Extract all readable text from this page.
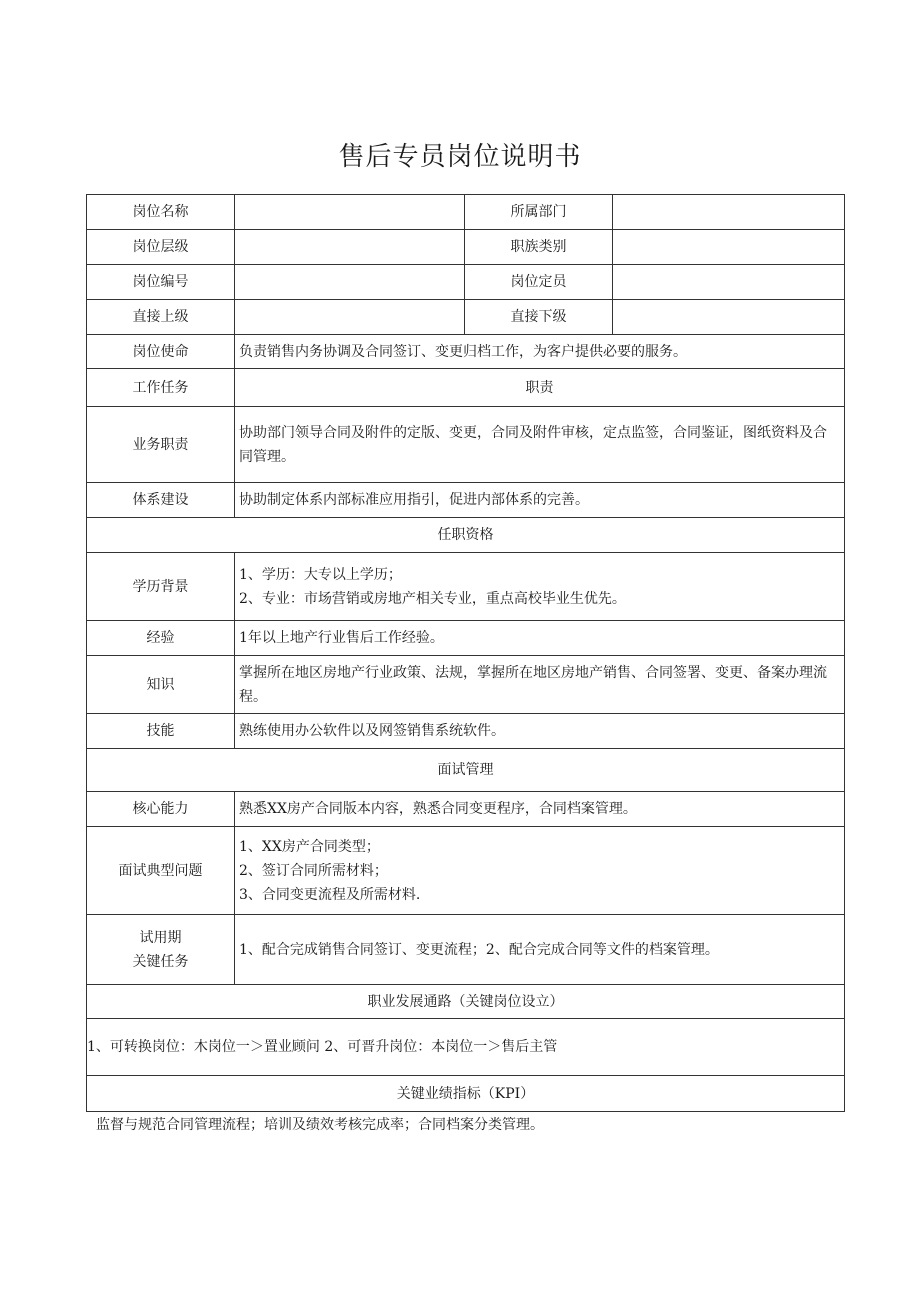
售后专员岗位说明书
岗位名称		所属部门	
岗位层级		职族类别	
岗位编号		岗位定员	
直接上级		直接下级	
岗位使命	负责销售内务协调及合同签订、变更归档工作，为客户提供必要的服务。		
工作任务	职责		
业务职责	协助部门领导合同及附件的定版、变更，合同及附件审核，定点监签，合同鉴证，图纸资料及合同管理。		
体系建设	协助制定体系内部标准应用指引，促进内部体系的完善。		
任职资格			
学历背景	1、学历：大专以上学历；
2、专业：市场营销或房地产相关专业，重点高校毕业生优先。		

经验	1年以上地产行业售后工作经验。		
知识	掌握所在地区房地产行业政策、法规，掌握所在地区房地产销售、合同签署、变更、备案办理流程。		
技能	熟练使用办公软件以及网签销售系统软件。		
面试管理			
核心能力	熟悉XX房产合同版本内容，熟悉合同变更程序，合同档案管理。		
面试典型问题	1、XX房产合同类型；
2、签订合同所需材料；
3、合同变更流程及所需材料.		

试用期
关键任务	1、配合完成销售合同签订、变更流程；2、配合完成合同等文件的档案管理。		
职业发展通路（关键岗位设立）			
1、可转换岗位：木岗位一＞置业顾问 2、可晋升岗位：本岗位一＞售后主管			
关键业绩指标（KPI）			
监督与规范合同管理流程；培训及绩效考核完成率；合同档案分类管理。
